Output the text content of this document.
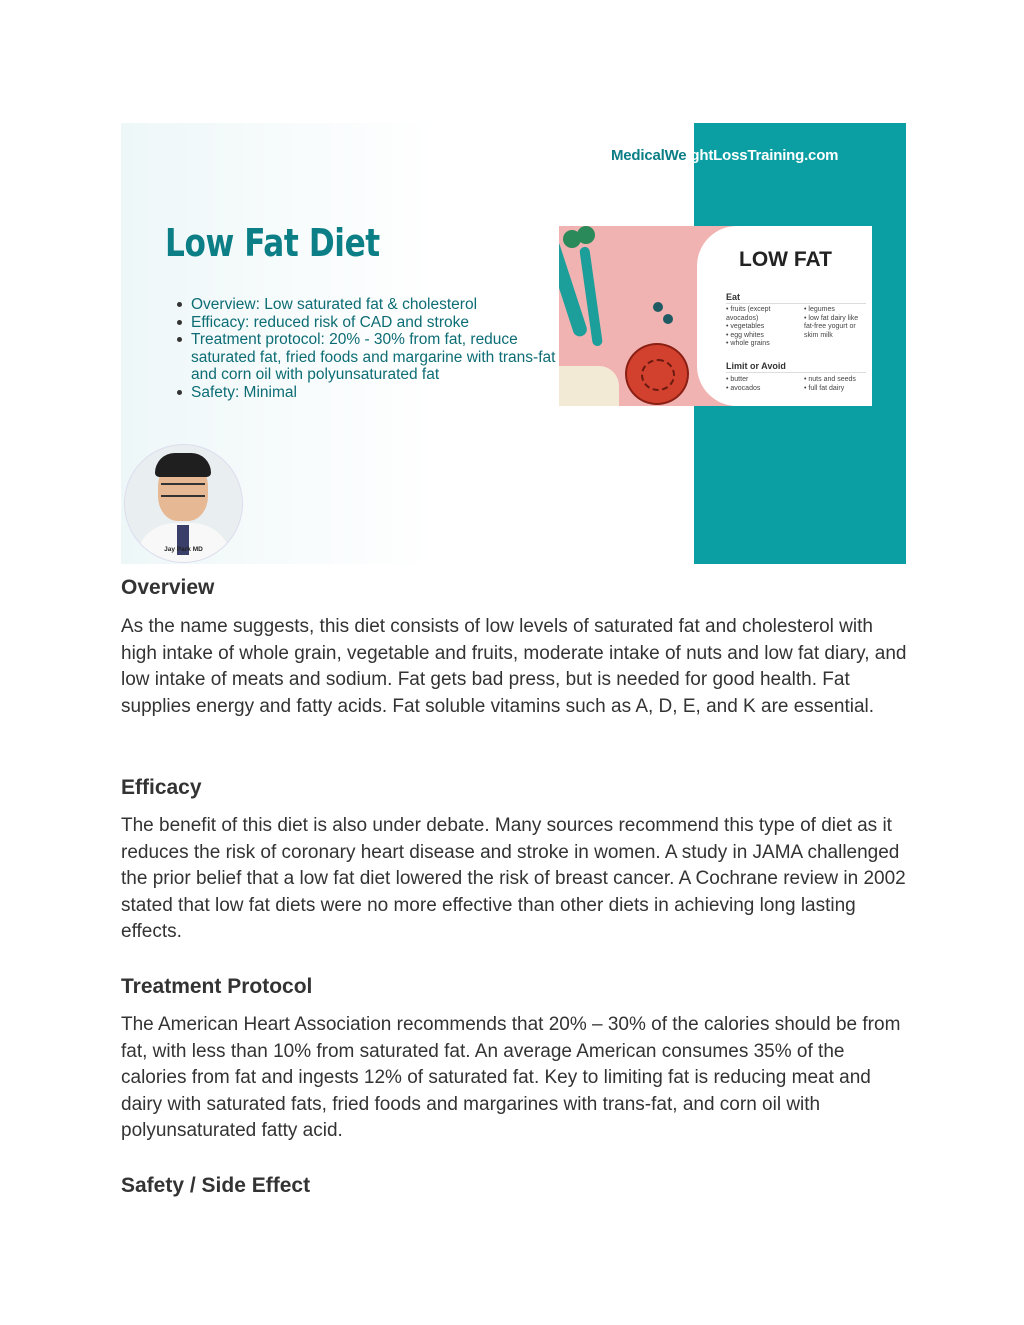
MedicalWeightLossTraining.com
Low Fat Diet
Overview: Low saturated fat & cholesterol
Efficacy: reduced risk of CAD and stroke
Treatment protocol: 20% - 30% from fat, reduce saturated fat, fried foods and margarine with trans-fat and corn oil with polyunsaturated fat
Safety: Minimal
LOW FAT
Eat
• fruits (except avocados)
• vegetables
• egg whites
• whole grains
• legumes
• low fat dairy like fat-free yogurt or skim milk
Limit or Avoid
• butter
• avocados
• nuts and seeds
• full fat dairy
Jay Park MD
Overview

As the name suggests, this diet consists of low levels of saturated fat and cholesterol with high intake of whole grain, vegetable and fruits, moderate intake of nuts and low fat diary, and low intake of meats and sodium. Fat gets bad press, but is needed for good health. Fat supplies energy and fatty acids. Fat soluble vitamins such as A, D, E, and K are essential.

Efficacy

The benefit of this diet is also under debate. Many sources recommend this type of diet as it reduces the risk of coronary heart disease and stroke in women. A study in JAMA challenged the prior belief that a low fat diet lowered the risk of breast cancer. A Cochrane review in 2002 stated that low fat diets were no more effective than other diets in achieving long lasting effects.

Treatment Protocol

The American Heart Association recommends that 20% – 30% of the calories should be from fat, with less than 10% from saturated fat. An average American consumes 35% of the calories from fat and ingests 12% of saturated fat. Key to limiting fat is reducing meat and dairy with saturated fats, fried foods and margarines with trans-fat, and corn oil with polyunsaturated fatty acid.

Safety / Side Effect
